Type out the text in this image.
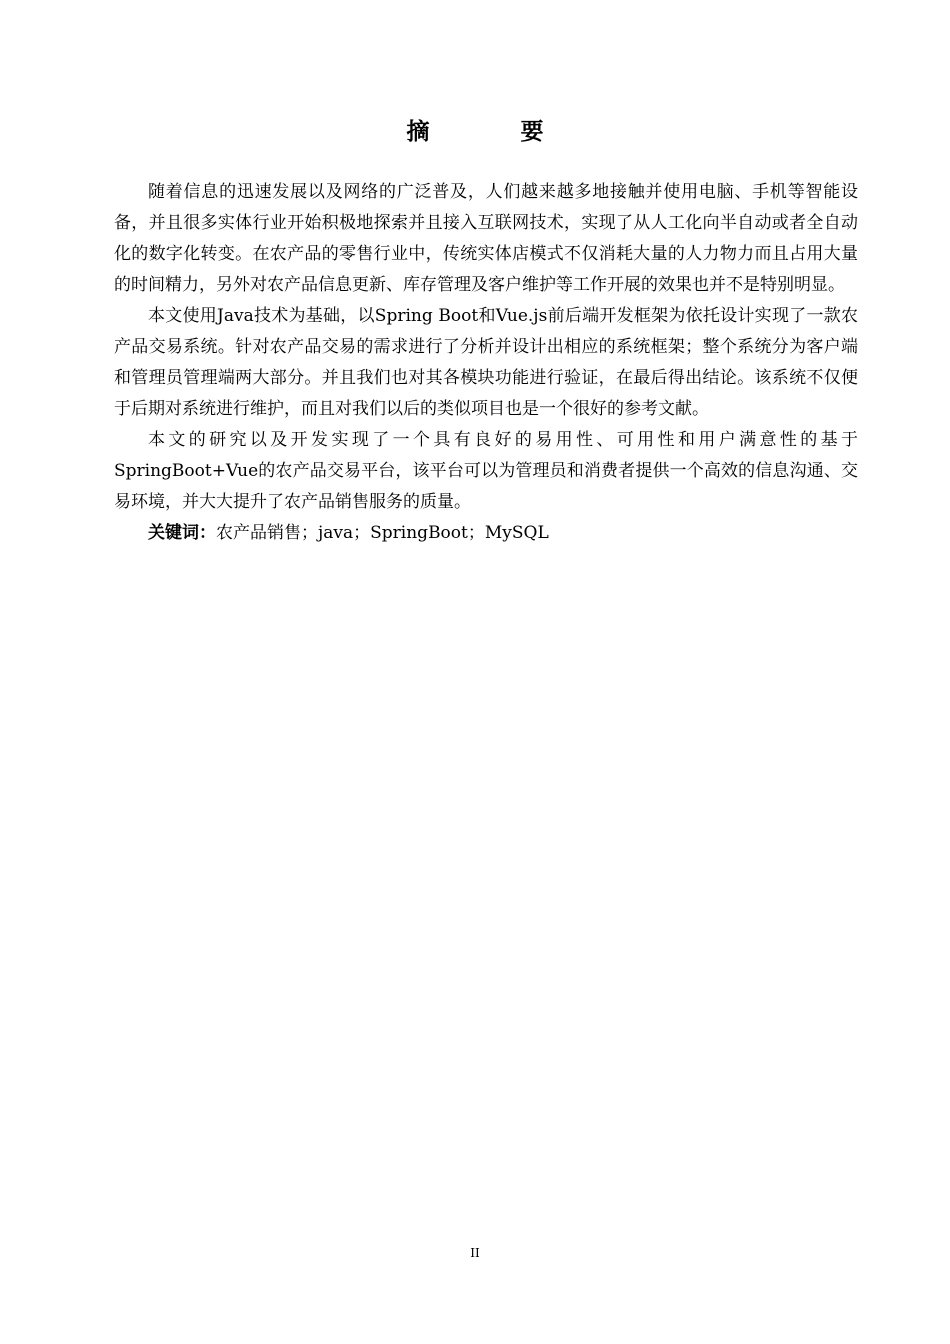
摘　要

随着信息的迅速发展以及网络的广泛普及，人们越来越多地接触并使用电脑、手机等智能设备，并且很多实体行业开始积极地探索并且接入互联网技术，实现了从人工化向半自动或者全自动化的数字化转变。在农产品的零售行业中，传统实体店模式不仅消耗大量的人力物力而且占用大量的时间精力，另外对农产品信息更新、库存管理及客户维护等工作开展的效果也并不是特别明显。

本文使用Java技术为基础，以Spring Boot和Vue.js前后端开发框架为依托设计实现了一款农产品交易系统。针对农产品交易的需求进行了分析并设计出相应的系统框架；整个系统分为客户端和管理员管理端两大部分。并且我们也对其各模块功能进行验证，在最后得出结论。该系统不仅便于后期对系统进行维护，而且对我们以后的类似项目也是一个很好的参考文献。

本文的研究以及开发实现了一个具有良好的易用性、可用性和用户满意性的基于SpringBoot+Vue的农产品交易平台，该平台可以为管理员和消费者提供一个高效的信息沟通、交易环境，并大大提升了农产品销售服务的质量。

关键词：农产品销售；java；SpringBoot；MySQL

II
